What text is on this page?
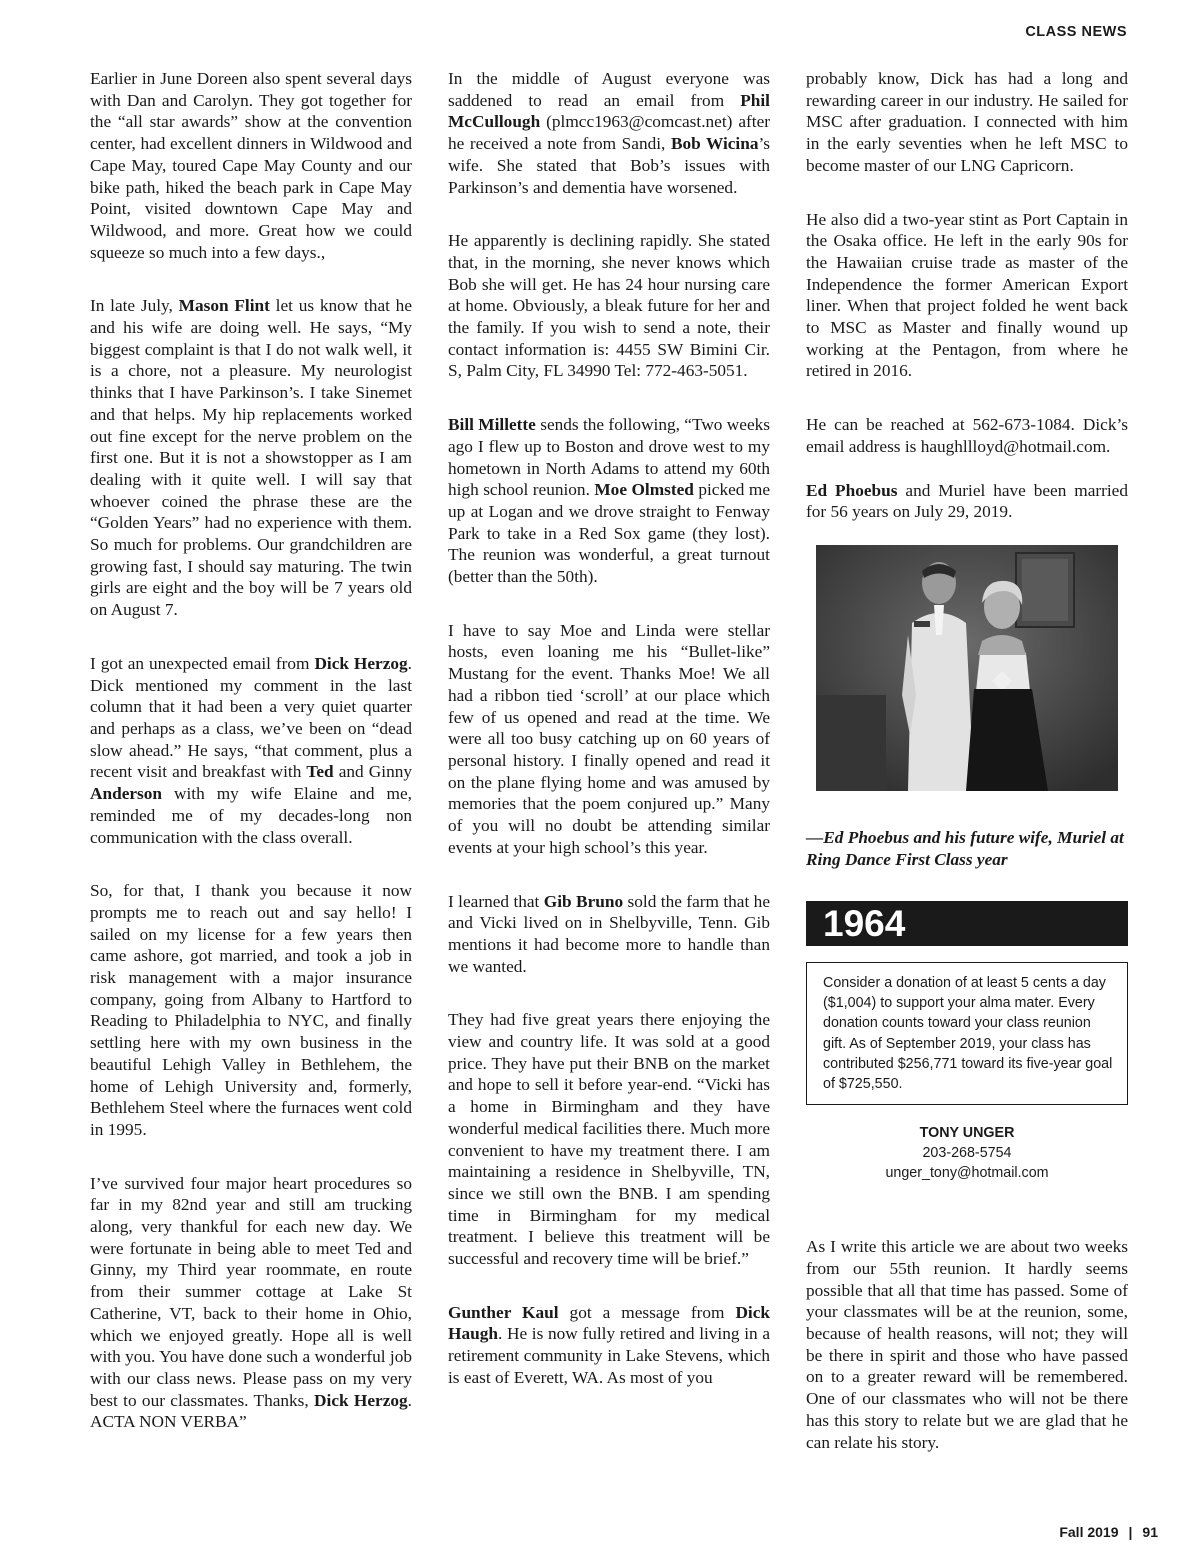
CLASS NEWS

Earlier in June Doreen also spent several days with Dan and Carolyn. They got together for the “all star awards” show at the convention center, had excellent dinners in Wildwood and Cape May, toured Cape May County and our bike path, hiked the beach park in Cape May Point, visited downtown Cape May and Wildwood, and more. Great how we could squeeze so much into a few days.,

In late July, Mason Flint let us know that he and his wife are doing well. He says, “My biggest complaint is that I do not walk well, it is a chore, not a pleasure. My neurologist thinks that I have Parkinson’s. I take Sinemet and that helps. My hip replacements worked out fine except for the nerve problem on the first one. But it is not a showstopper as I am dealing with it quite well. I will say that whoever coined the phrase these are the “Golden Years” had no experience with them. So much for problems. Our grandchildren are growing fast, I should say maturing. The twin girls are eight and the boy will be 7 years old on August 7.

I got an unexpected email from Dick Herzog. Dick mentioned my comment in the last column that it had been a very quiet quarter and perhaps as a class, we’ve been on “dead slow ahead.” He says, “that comment, plus a recent visit and breakfast with Ted and Ginny Anderson with my wife Elaine and me, reminded me of my decades-long non communication with the class overall.

So, for that, I thank you because it now prompts me to reach out and say hello! I sailed on my license for a few years then came ashore, got married, and took a job in risk management with a major insurance company, going from Albany to Hartford to Reading to Philadelphia to NYC, and finally settling here with my own business in the beautiful Lehigh Valley in Bethlehem, the home of Lehigh University and, formerly, Bethlehem Steel where the furnaces went cold in 1995.

I’ve survived four major heart procedures so far in my 82nd year and still am trucking along, very thankful for each new day. We were fortunate in being able to meet Ted and Ginny, my Third year roommate, en route from their summer cottage at Lake St Catherine, VT, back to their home in Ohio, which we enjoyed greatly. Hope all is well with you. You have done such a wonderful job with our class news. Please pass on my very best to our classmates. Thanks, Dick Herzog. ACTA NON VERBA”

In the middle of August everyone was saddened to read an email from Phil McCullough (plmcc1963@comcast.net) after he received a note from Sandi, Bob Wicina’s wife. She stated that Bob’s issues with Parkinson’s and dementia have worsened.

He apparently is declining rapidly. She stated that, in the morning, she never knows which Bob she will get. He has 24 hour nursing care at home. Obviously, a bleak future for her and the family. If you wish to send a note, their contact information is: 4455 SW Bimini Cir. S, Palm City, FL 34990 Tel: 772-463-5051.

Bill Millette sends the following, “Two weeks ago I flew up to Boston and drove west to my hometown in North Adams to attend my 60th high school reunion. Moe Olmsted picked me up at Logan and we drove straight to Fenway Park to take in a Red Sox game (they lost). The reunion was wonderful, a great turnout (better than the 50th).

I have to say Moe and Linda were stellar hosts, even loaning me his “Bullet-like” Mustang for the event. Thanks Moe! We all had a ribbon tied ‘scroll’ at our place which few of us opened and read at the time. We were all too busy catching up on 60 years of personal history. I finally opened and read it on the plane flying home and was amused by memories that the poem conjured up.” Many of you will no doubt be attending similar events at your high school’s this year.

I learned that Gib Bruno sold the farm that he and Vicki lived on in Shelbyville, Tenn. Gib mentions it had become more to handle than we wanted.

They had five great years there enjoying the view and country life. It was sold at a good price. They have put their BNB on the market and hope to sell it before year-end. “Vicki has a home in Birmingham and they have wonderful medical facilities there. Much more convenient to have my treatment there. I am maintaining a residence in Shelbyville, TN, since we still own the BNB. I am spending time in Birmingham for my medical treatment. I believe this treatment will be successful and recovery time will be brief.”

Gunther Kaul got a message from Dick Haugh. He is now fully retired and living in a retirement community in Lake Stevens, which is east of Everett, WA. As most of you

probably know, Dick has had a long and rewarding career in our industry. He sailed for MSC after graduation. I connected with him in the early seventies when he left MSC to become master of our LNG Capricorn.

He also did a two-year stint as Port Captain in the Osaka office. He left in the early 90s for the Hawaiian cruise trade as master of the Independence the former American Export liner. When that project folded he went back to MSC as Master and finally wound up working at the Pentagon, from where he retired in 2016.

He can be reached at 562-673-1084. Dick’s email address is haughllloyd@hotmail.com.

Ed Phoebus and Muriel have been married for 56 years on July 29, 2019.

—Ed Phoebus and his future wife, Muriel at Ring Dance First Class year
1964
Consider a donation of at least 5 cents a day ($1,004) to support your alma mater. Every donation counts toward your class reunion gift. As of September 2019, your class has contributed $256,771 toward its five-year goal of $725,550.
TONY UNGER
203-268-5754
unger_tony@hotmail.com

As I write this article we are about two weeks from our 55th reunion. It hardly seems possible that all that time has passed. Some of your classmates will be at the reunion, some, because of health reasons, will not; they will be there in spirit and those who have passed on to a greater reward will be remembered. One of our classmates who will not be there has this story to relate but we are glad that he can relate his story.

Fall 2019 | 91
